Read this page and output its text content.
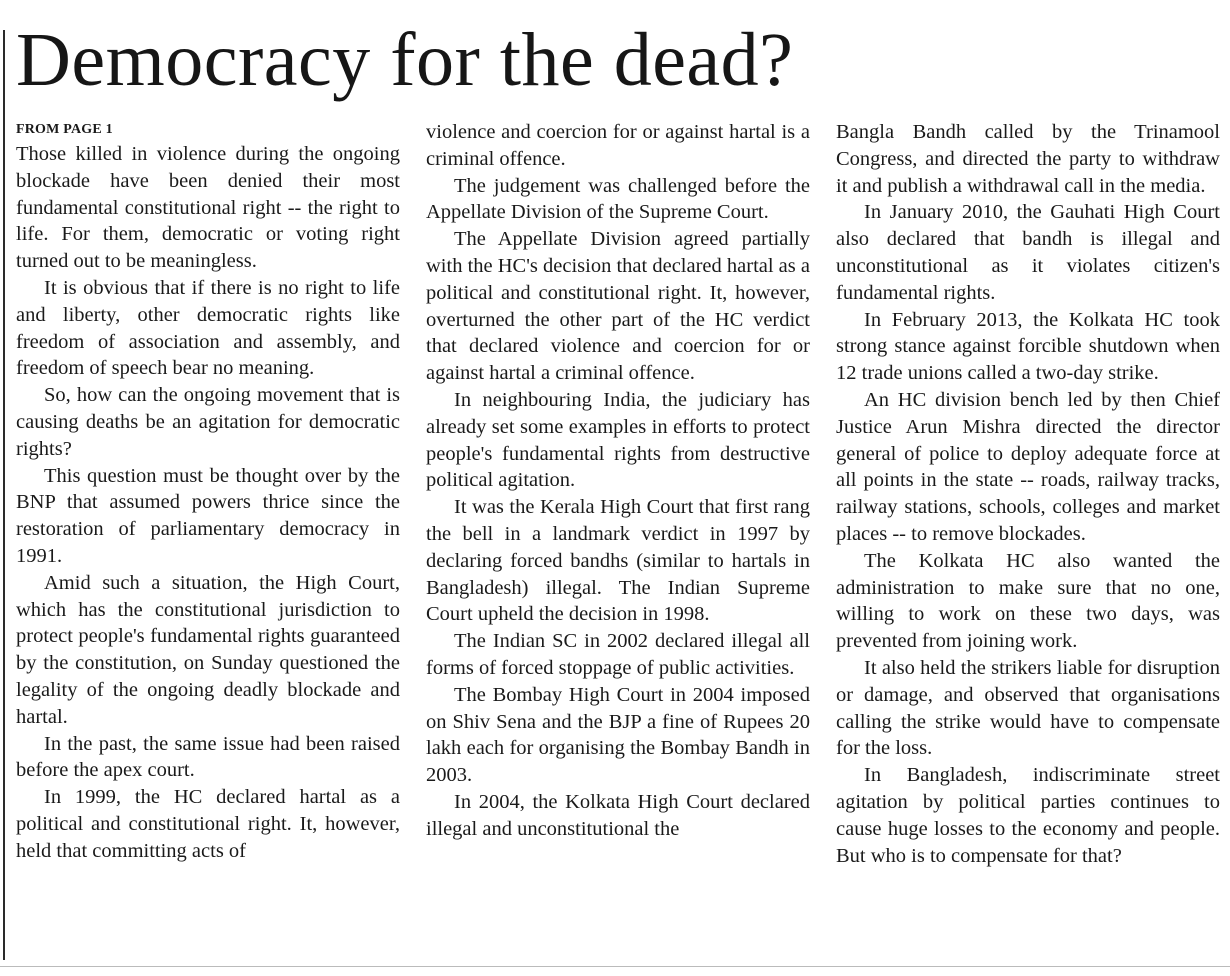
Democracy for the dead?
FROM PAGE 1

Those killed in violence during the ongoing blockade have been denied their most fundamental constitutional right -- the right to life. For them, democratic or voting right turned out to be meaningless.

It is obvious that if there is no right to life and liberty, other democratic rights like freedom of association and assembly, and freedom of speech bear no meaning.

So, how can the ongoing movement that is causing deaths be an agitation for democratic rights?

This question must be thought over by the BNP that assumed powers thrice since the restoration of parliamentary democracy in 1991.

Amid such a situation, the High Court, which has the constitutional jurisdiction to protect people's fundamental rights guaranteed by the constitution, on Sunday questioned the legality of the ongoing deadly blockade and hartal.

In the past, the same issue had been raised before the apex court.

In 1999, the HC declared hartal as a political and constitutional right. It, however, held that committing acts of

violence and coercion for or against hartal is a criminal offence.

The judgement was challenged before the Appellate Division of the Supreme Court.

The Appellate Division agreed partially with the HC's decision that declared hartal as a political and constitutional right. It, however, overturned the other part of the HC verdict that declared violence and coercion for or against hartal a criminal offence.

In neighbouring India, the judiciary has already set some examples in efforts to protect people's fundamental rights from destructive political agitation.

It was the Kerala High Court that first rang the bell in a landmark verdict in 1997 by declaring forced bandhs (similar to hartals in Bangladesh) illegal. The Indian Supreme Court upheld the decision in 1998.

The Indian SC in 2002 declared illegal all forms of forced stoppage of public activities.

The Bombay High Court in 2004 imposed on Shiv Sena and the BJP a fine of Rupees 20 lakh each for organising the Bombay Bandh in 2003.

In 2004, the Kolkata High Court declared illegal and unconstitutional the

Bangla Bandh called by the Trinamool Congress, and directed the party to withdraw it and publish a withdrawal call in the media.

In January 2010, the Gauhati High Court also declared that bandh is illegal and unconstitutional as it violates citizen's fundamental rights.

In February 2013, the Kolkata HC took strong stance against forcible shutdown when 12 trade unions called a two-day strike.

An HC division bench led by then Chief Justice Arun Mishra directed the director general of police to deploy adequate force at all points in the state -- roads, railway tracks, railway stations, schools, colleges and market places -- to remove blockades.

The Kolkata HC also wanted the administration to make sure that no one, willing to work on these two days, was prevented from joining work.

It also held the strikers liable for disruption or damage, and observed that organisations calling the strike would have to compensate for the loss.

In Bangladesh, indiscriminate street agitation by political parties continues to cause huge losses to the economy and people. But who is to compensate for that?
